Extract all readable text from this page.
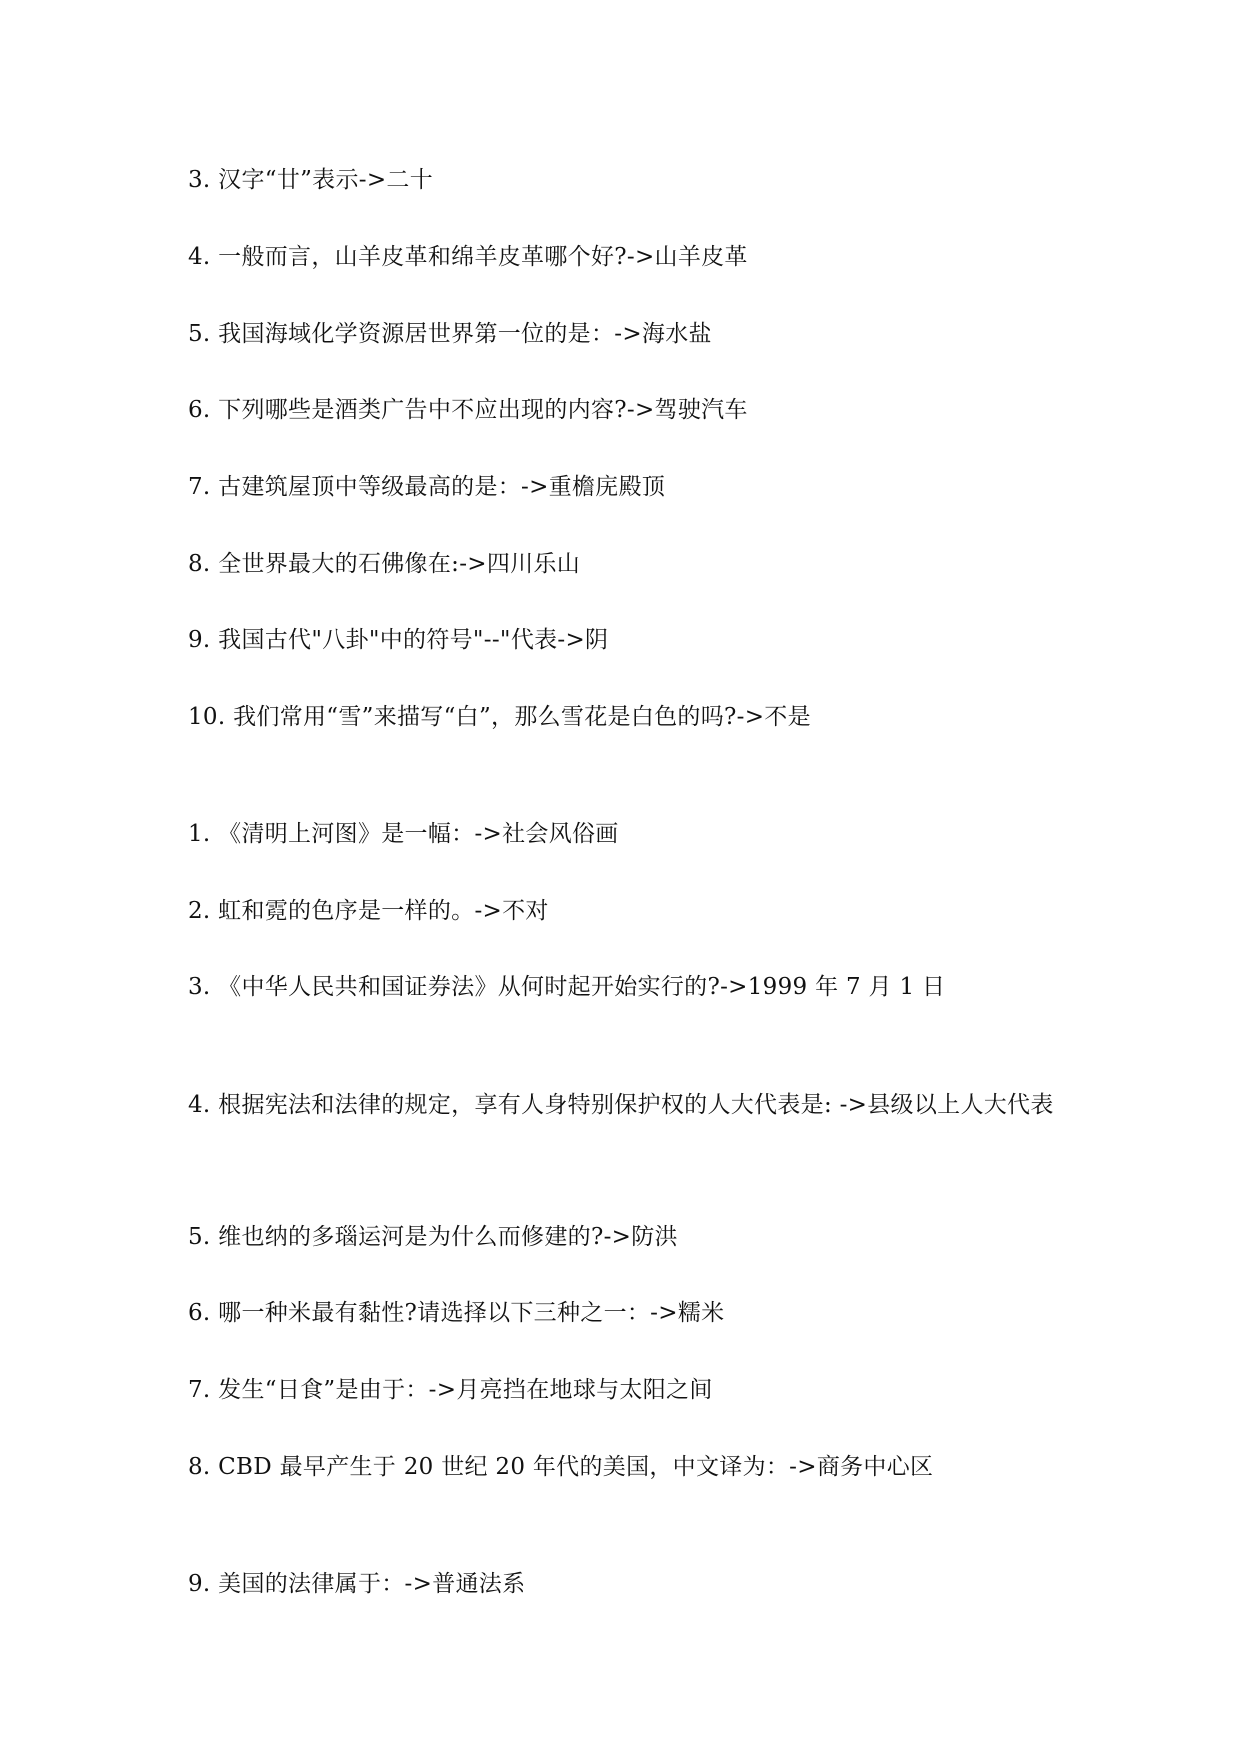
3. 汉字“廿”表示->二十
4. 一般而言，山羊皮革和绵羊皮革哪个好?->山羊皮革
5. 我国海域化学资源居世界第一位的是：->海水盐
6. 下列哪些是酒类广告中不应出现的内容?->驾驶汽车
7. 古建筑屋顶中等级最高的是：->重檐庑殿顶
8. 全世界最大的石佛像在:->四川乐山
9. 我国古代"八卦"中的符号"--"代表->阴
10. 我们常用“雪”来描写“白”，那么雪花是白色的吗?->不是
1. 《清明上河图》是一幅：->社会风俗画
2. 虹和霓的色序是一样的。->不对
3. 《中华人民共和国证券法》从何时起开始实行的?->1999 年 7 月 1 日
4. 根据宪法和法律的规定，享有人身特别保护权的人大代表是: ->县级以上人大代表
5. 维也纳的多瑙运河是为什么而修建的?->防洪
6. 哪一种米最有黏性?请选择以下三种之一：->糯米
7. 发生“日食”是由于：->月亮挡在地球与太阳之间
8. CBD 最早产生于 20 世纪 20 年代的美国，中文译为：->商务中心区
9. 美国的法律属于：->普通法系
